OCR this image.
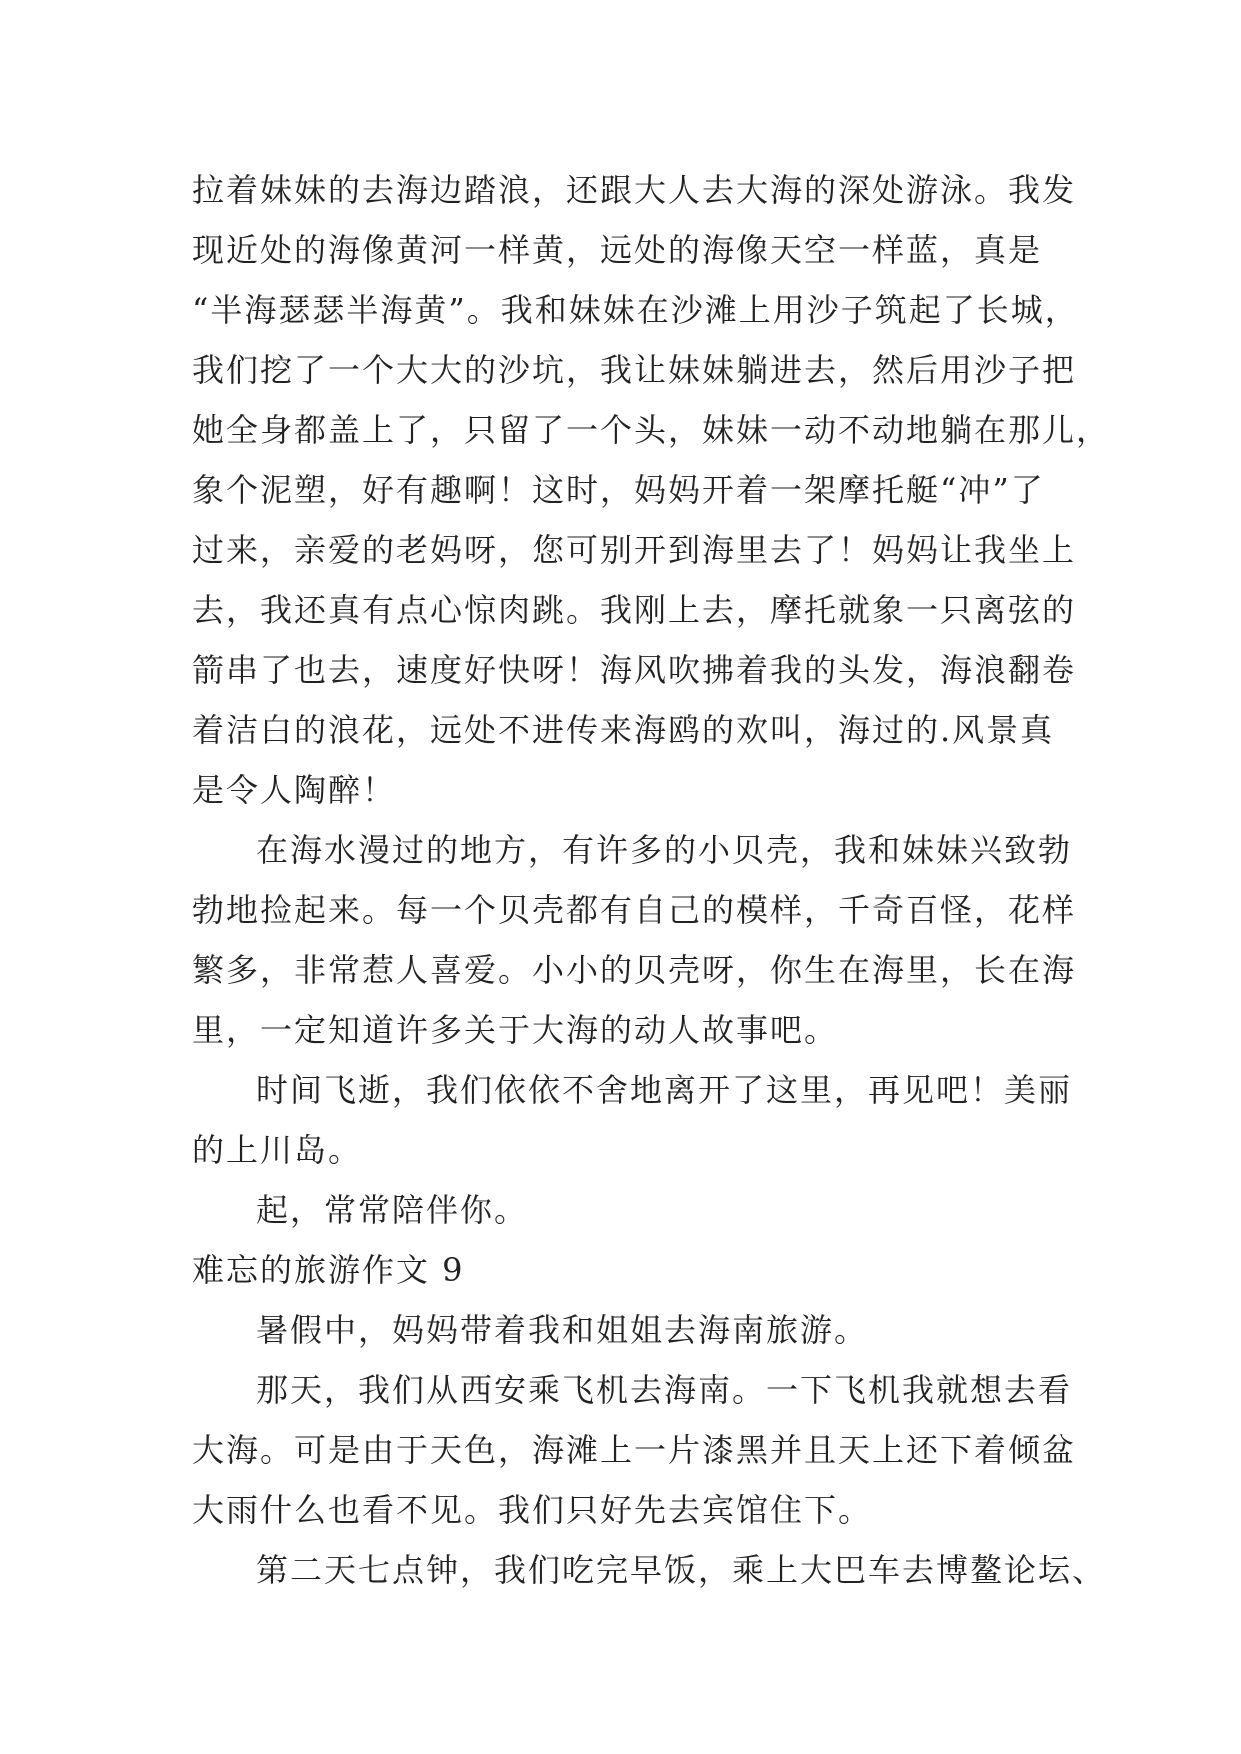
拉着妹妹的去海边踏浪，还跟大人去大海的深处游泳。我发
现近处的海像黄河一样黄，远处的海像天空一样蓝，真是
“半海瑟瑟半海黄”。我和妹妹在沙滩上用沙子筑起了长城，
我们挖了一个大大的沙坑，我让妹妹躺进去，然后用沙子把
她全身都盖上了，只留了一个头，妹妹一动不动地躺在那儿，
象个泥塑，好有趣啊！这时，妈妈开着一架摩托艇“冲”了
过来，亲爱的老妈呀，您可别开到海里去了！妈妈让我坐上
去，我还真有点心惊肉跳。我刚上去，摩托就象一只离弦的
箭串了也去，速度好快呀！海风吹拂着我的头发，海浪翻卷
着洁白的浪花，远处不进传来海鸥的欢叫，海过的.风景真
是令人陶醉！
在海水漫过的地方，有许多的小贝壳，我和妹妹兴致勃
勃地捡起来。每一个贝壳都有自己的模样，千奇百怪，花样
繁多，非常惹人喜爱。小小的贝壳呀，你生在海里，长在海
里，一定知道许多关于大海的动人故事吧。
时间飞逝，我们依依不舍地离开了这里，再见吧！美丽
的上川岛。
起，常常陪伴你。
难忘的旅游作文 9
暑假中，妈妈带着我和姐姐去海南旅游。
那天，我们从西安乘飞机去海南。一下飞机我就想去看
大海。可是由于天色，海滩上一片漆黑并且天上还下着倾盆
大雨什么也看不见。我们只好先去宾馆住下。
第二天七点钟，我们吃完早饭，乘上大巴车去博鳌论坛、
